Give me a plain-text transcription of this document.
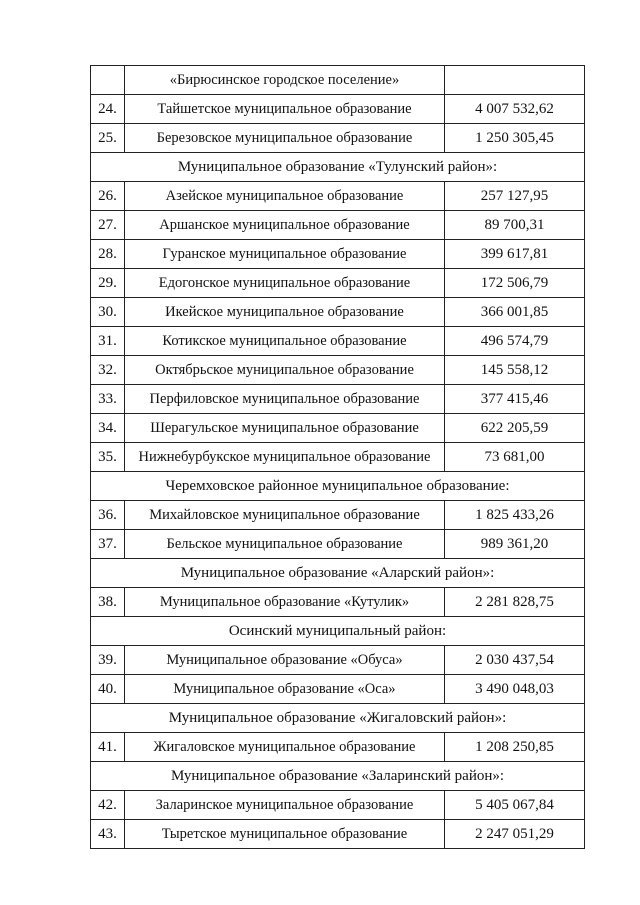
	«Бирюсинское городское поселение»	
24.	Тайшетское муниципальное образование	4 007 532,62
25.	Березовское муниципальное образование	1 250 305,45
Муниципальное образование «Тулунский район»:		
26.	Азейское муниципальное образование	257 127,95
27.	Аршанское муниципальное образование	89 700,31
28.	Гуранское муниципальное образование	399 617,81
29.	Едогонское муниципальное образование	172 506,79
30.	Икейское муниципальное образование	366 001,85
31.	Котикское муниципальное образование	496 574,79
32.	Октябрьское муниципальное образование	145 558,12
33.	Перфиловское муниципальное образование	377 415,46
34.	Шерагульское муниципальное образование	622 205,59
35.	Нижнебурбукское муниципальное образование	73 681,00
Черемховское районное муниципальное образование:		
36.	Михайловское муниципальное образование	1 825 433,26
37.	Бельское муниципальное образование	989 361,20
Муниципальное образование «Аларский район»:		
38.	Муниципальное образование «Кутулик»	2 281 828,75
Осинский муниципальный район:		
39.	Муниципальное образование «Обуса»	2 030 437,54
40.	Муниципальное образование «Оса»	3 490 048,03
Муниципальное образование «Жигаловский район»:		
41.	Жигаловское муниципальное образование	1 208 250,85
Муниципальное образование «Заларинский район»:		
42.	Заларинское муниципальное образование	5 405 067,84
43.	Тыретское муниципальное образование	2 247 051,29
